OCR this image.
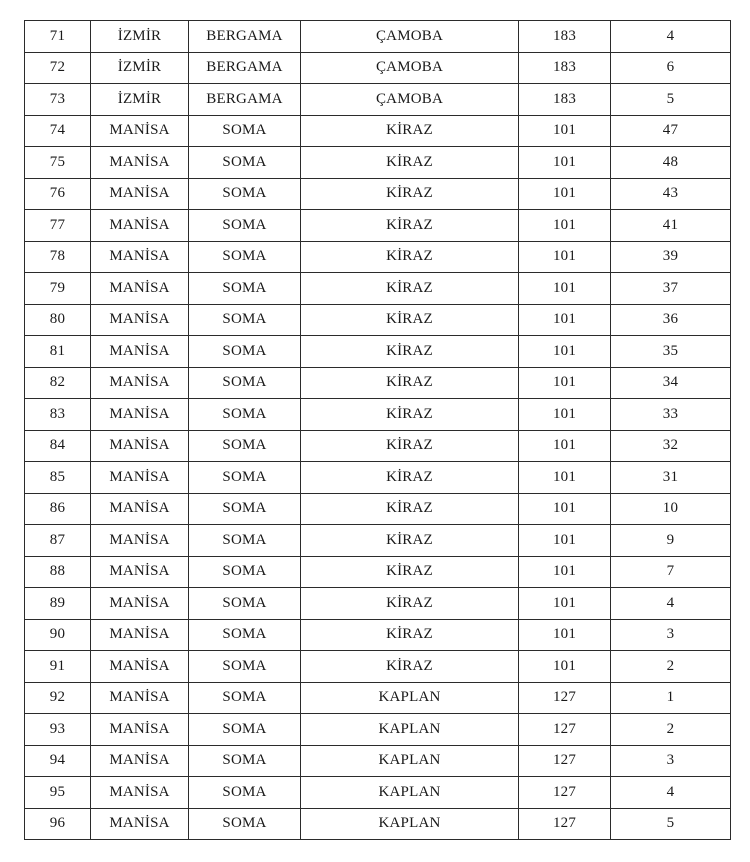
71	İZMİR	BERGAMA	ÇAMOBA	183	4
72	İZMİR	BERGAMA	ÇAMOBA	183	6
73	İZMİR	BERGAMA	ÇAMOBA	183	5
74	MANİSA	SOMA	KİRAZ	101	47
75	MANİSA	SOMA	KİRAZ	101	48
76	MANİSA	SOMA	KİRAZ	101	43
77	MANİSA	SOMA	KİRAZ	101	41
78	MANİSA	SOMA	KİRAZ	101	39
79	MANİSA	SOMA	KİRAZ	101	37
80	MANİSA	SOMA	KİRAZ	101	36
81	MANİSA	SOMA	KİRAZ	101	35
82	MANİSA	SOMA	KİRAZ	101	34
83	MANİSA	SOMA	KİRAZ	101	33
84	MANİSA	SOMA	KİRAZ	101	32
85	MANİSA	SOMA	KİRAZ	101	31
86	MANİSA	SOMA	KİRAZ	101	10
87	MANİSA	SOMA	KİRAZ	101	9
88	MANİSA	SOMA	KİRAZ	101	7
89	MANİSA	SOMA	KİRAZ	101	4
90	MANİSA	SOMA	KİRAZ	101	3
91	MANİSA	SOMA	KİRAZ	101	2
92	MANİSA	SOMA	KAPLAN	127	1
93	MANİSA	SOMA	KAPLAN	127	2
94	MANİSA	SOMA	KAPLAN	127	3
95	MANİSA	SOMA	KAPLAN	127	4
96	MANİSA	SOMA	KAPLAN	127	5
